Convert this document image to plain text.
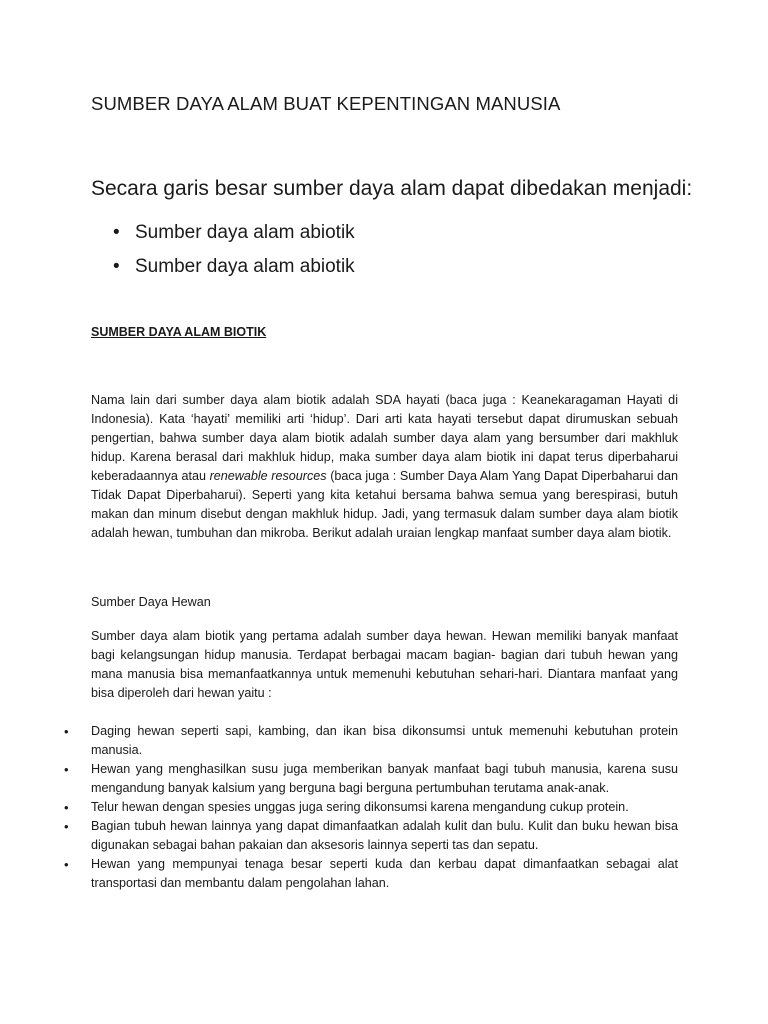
SUMBER DAYA ALAM BUAT KEPENTINGAN MANUSIA
Secara garis besar sumber daya alam dapat dibedakan menjadi:
• Sumber daya alam abiotik
• Sumber daya alam abiotik
SUMBER DAYA ALAM BIOTIK
Nama lain dari sumber daya alam biotik adalah SDA hayati (baca juga : Keanekaragaman Hayati di Indonesia). Kata ‘hayati’ memiliki arti ‘hidup’. Dari arti kata hayati tersebut dapat dirumuskan sebuah pengertian, bahwa sumber daya alam biotik adalah sumber daya alam yang bersumber dari makhluk hidup. Karena berasal dari makhluk hidup, maka sumber daya alam biotik ini dapat terus diperbaharui keberadaannya atau renewable resources (baca juga : Sumber Daya Alam Yang Dapat Diperbaharui dan Tidak Dapat Diperbaharui). Seperti yang kita ketahui bersama bahwa semua yang berespirasi, butuh makan dan minum disebut dengan makhluk hidup. Jadi, yang termasuk dalam sumber daya alam biotik adalah hewan, tumbuhan dan mikroba. Berikut adalah uraian lengkap manfaat sumber daya alam biotik.
Sumber Daya Hewan
Sumber daya alam biotik yang pertama adalah sumber daya hewan. Hewan memiliki banyak manfaat bagi kelangsungan hidup manusia. Terdapat berbagai macam bagian- bagian dari tubuh hewan yang mana manusia bisa memanfaatkannya untuk memenuhi kebutuhan sehari-hari. Diantara manfaat yang bisa diperoleh dari hewan yaitu :
• Daging hewan seperti sapi, kambing, dan ikan bisa dikonsumsi untuk memenuhi kebutuhan protein manusia.
• Hewan yang menghasilkan susu juga memberikan banyak manfaat bagi tubuh manusia, karena susu mengandung banyak kalsium yang berguna bagi berguna pertumbuhan terutama anak-anak.
• Telur hewan dengan spesies unggas juga sering dikonsumsi karena mengandung cukup protein.
• Bagian tubuh hewan lainnya yang dapat dimanfaatkan adalah kulit dan bulu. Kulit dan buku hewan bisa digunakan sebagai bahan pakaian dan aksesoris lainnya seperti tas dan sepatu.
• Hewan yang mempunyai tenaga besar seperti kuda dan kerbau dapat dimanfaatkan sebagai alat transportasi dan membantu dalam pengolahan lahan.
